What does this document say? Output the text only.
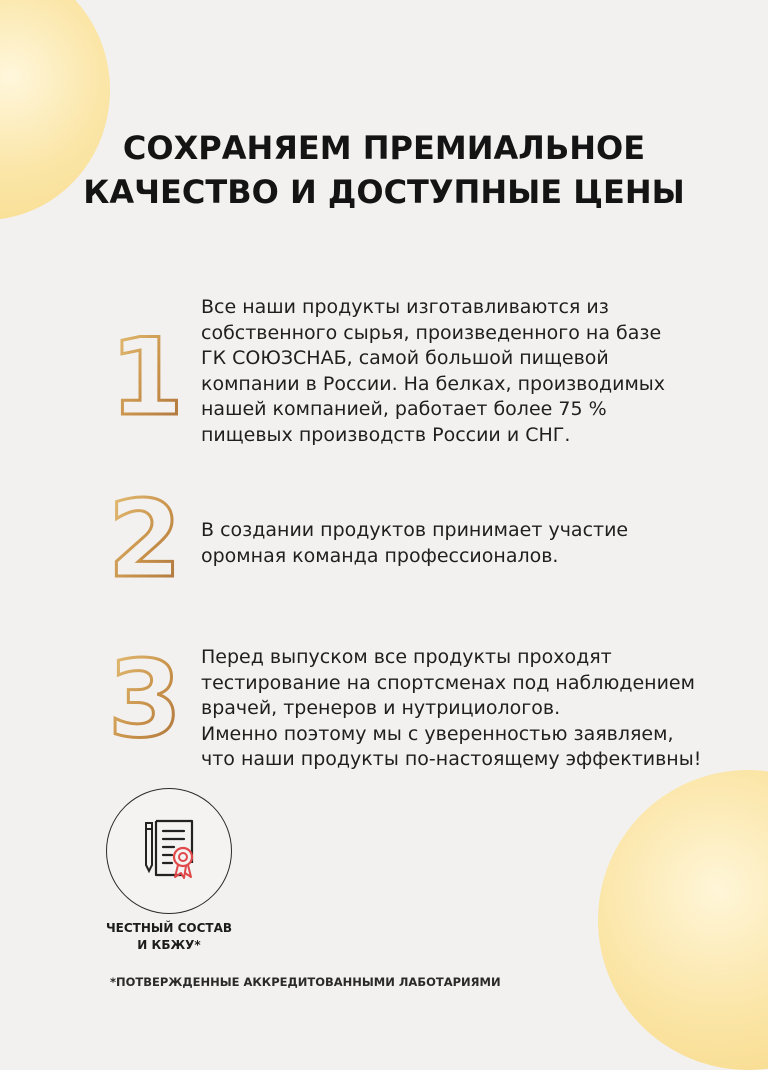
СОХРАНЯЕМ ПРЕМИАЛЬНОЕ
КАЧЕСТВО И ДОСТУПНЫЕ ЦЕНЫ
1

Все наши продукты изготавливаются из
собственного сырья, произведенного на базе
ГК СОЮЗСНАБ, самой большой пищевой
компании в России. На белках, производимых
нашей компанией, работает более 75 %
пищевых производств России и СНГ.

2 В создании продуктов принимает участие
оромная команда профессионалов.

3 Перед выпуском все продукты проходят
тестирование на спортсменах под наблюдением
врачей, тренеров и нутрициологов.
Именно поэтому мы с уверенностью заявляем,
что наши продукты по-настоящему эффективны!

ЧЕСТНЫЙ СОСТАВ
И КБЖУ*
*ПОТВЕРЖДЕННЫЕ АККРЕДИТОВАННЫМИ ЛАБОТАРИЯМИ
